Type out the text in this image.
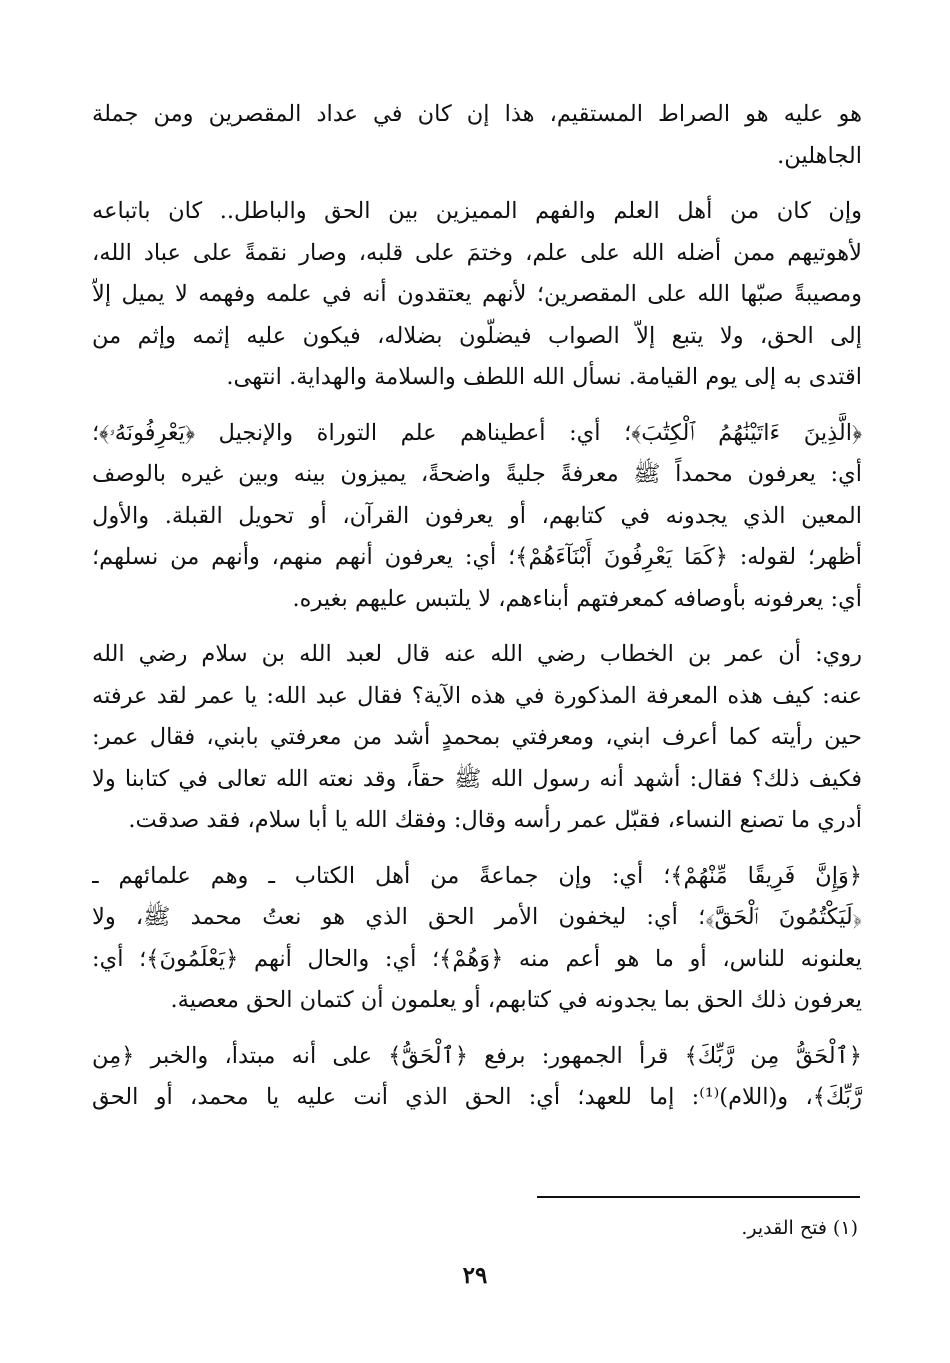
هو عليه هو الصراط المستقيم، هذا إن كان في عداد المقصرين ومن جملة
الجاهلين.

وإن كان من أهل العلم والفهم المميزين بين الحق والباطل.. كان باتباعه
لأهوتيهم ممن أضله الله على علم، وختمَ على قلبه، وصار نقمةً على عباد الله،
ومصيبةً صبّها الله على المقصرين؛ لأنهم يعتقدون أنه في علمه وفهمه لا يميل إلاّ
إلى الحق، ولا يتبع إلاّ الصواب فيضلّون بضلاله، فيكون عليه إثمه وإثم من
اقتدى به إلى يوم القيامة. نسأل الله اللطف والسلامة والهداية. انتهى.

﴿الَّذِينَ ءَاتَيْنَٰهُمُ ٱلْكِتَٰبَ﴾؛ أي: أعطيناهم علم التوراة والإنجيل ﴿يَعْرِفُونَهُۥ﴾؛
أي: يعرفون محمداً ﷺ معرفةً جليةً واضحةً، يميزون بينه وبين غيره بالوصف
المعين الذي يجدونه في كتابهم، أو يعرفون القرآن، أو تحويل القبلة. والأول
أظهر؛ لقوله: ﴿كَمَا يَعْرِفُونَ أَبْنَآءَهُمْ﴾؛ أي: يعرفون أنهم منهم، وأنهم من نسلهم؛
أي: يعرفونه بأوصافه كمعرفتهم أبناءهم، لا يلتبس عليهم بغيره.

روي: أن عمر بن الخطاب رضي الله عنه قال لعبد الله بن سلام رضي الله
عنه: كيف هذه المعرفة المذكورة في هذه الآية؟ فقال عبد الله: يا عمر لقد عرفته
حين رأيته كما أعرف ابني، ومعرفتي بمحمدٍ أشد من معرفتي بابني، فقال عمر:
فكيف ذلك؟ فقال: أشهد أنه رسول الله ﷺ حقاً، وقد نعته الله تعالى في كتابنا ولا
أدري ما تصنع النساء، فقبّل عمر رأسه وقال: وفقك الله يا أبا سلام، فقد صدقت.

﴿وَإِنَّ فَرِيقًا مِّنْهُمْ﴾؛ أي: وإن جماعةً من أهل الكتاب ـ وهم علمائهم ـ
﴿لَيَكْتُمُونَ ٱلْحَقَّ﴾؛ أي: ليخفون الأمر الحق الذي هو نعتُ محمد ﷺ، ولا
يعلنونه للناس، أو ما هو أعم منه ﴿وَهُمْ﴾؛ أي: والحال أنهم ﴿يَعْلَمُونَ﴾؛ أي:
يعرفون ذلك الحق بما يجدونه في كتابهم، أو يعلمون أن كتمان الحق معصية.

﴿ٱلْحَقُّ مِن رَّبِّكَ﴾ قرأ الجمهور: برفع ﴿ٱلْحَقُّ﴾ على أنه مبتدأ، والخبر ﴿مِن
رَّبِّكَ﴾، و(اللام)⁽¹⁾: إما للعهد؛ أي: الحق الذي أنت عليه يا محمد، أو الحق

(١) فتح القدير.
٢٩
